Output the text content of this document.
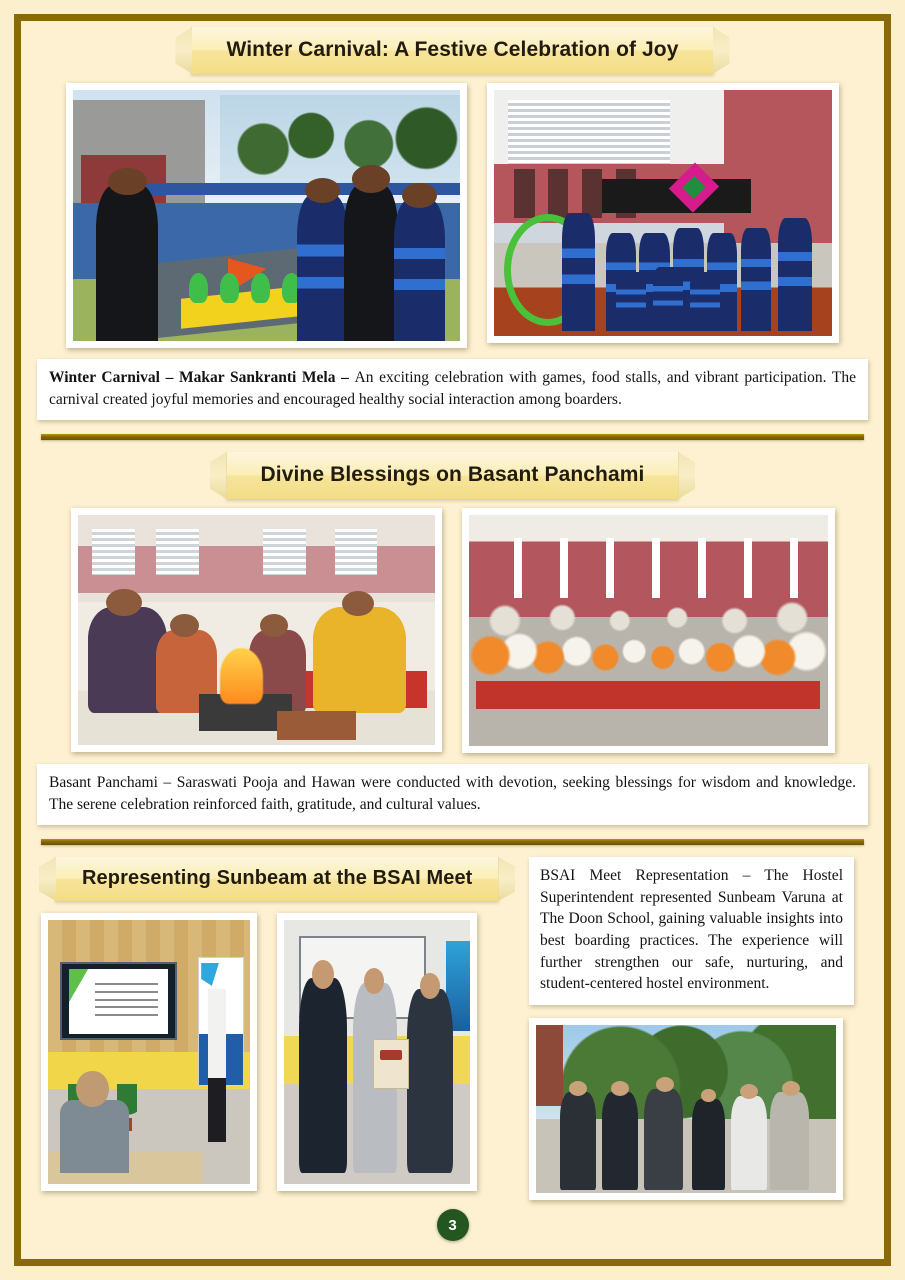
Winter Carnival: A Festive Celebration of Joy
Winter Carnival – Makar Sankranti Mela – An exciting celebration with games, food stalls, and vibrant participation. The carnival created joyful memories and encouraged healthy social interaction among boarders.
Divine Blessings on Basant Panchami
Basant Panchami – Saraswati Pooja and Hawan were conducted with devotion, seeking blessings for wisdom and knowledge. The serene celebration reinforced faith, gratitude, and cultural values.
Representing Sunbeam at the BSAI Meet	BSAI Meet Representation – The Hostel Superintendent represented Sunbeam Varuna at The Doon School, gaining valuable insights into best boarding practices. The experience will further strengthen our safe, nurturing, and student-centered hostel environment.
3
